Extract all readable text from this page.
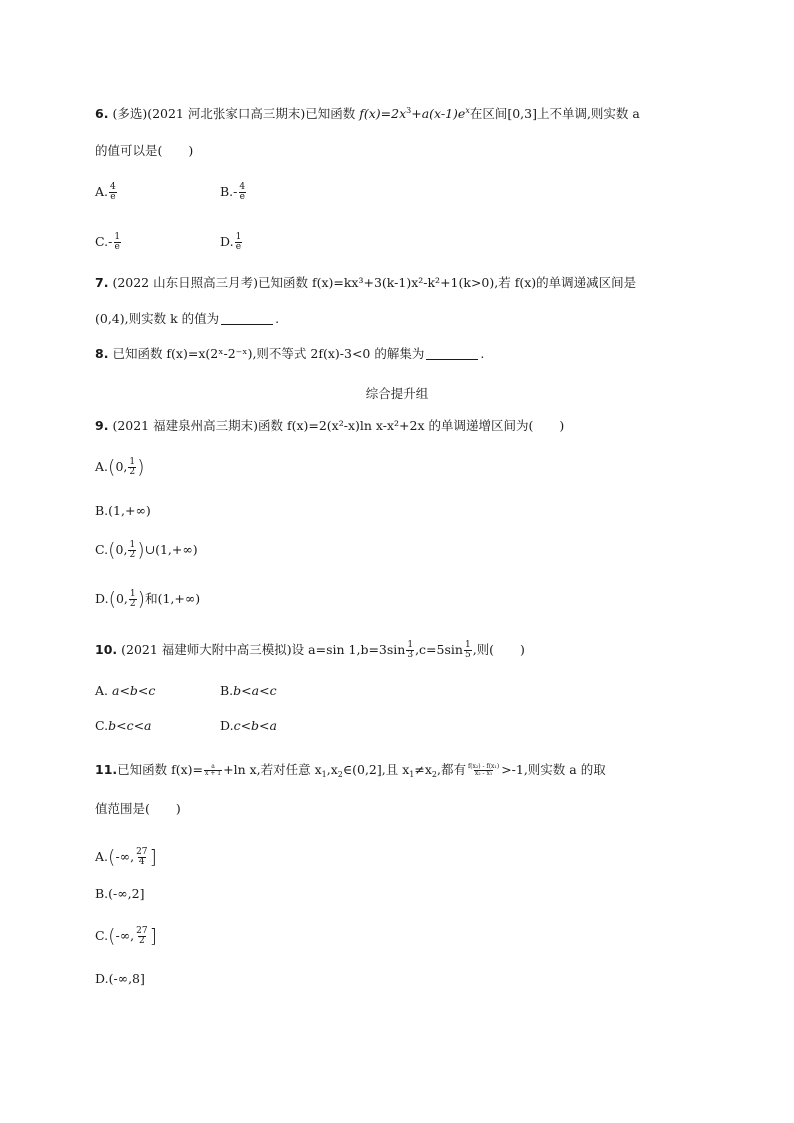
6. (多选)(2021 河北张家口高三期末)已知函数 $f(x)=2x^3+a(x-1)e^x$在区间[0,3]上不单调,则实数 a
的值可以是( )
A. $\frac{4}{e}$	$B.- \frac{4}{e}$
$C.- \frac{1}{e}$	D. $\frac{1}{e}$
7. (2022 山东日照高三月考)已知函数 f(x)=kx³+3(k-1)x²-k²+1(k>0),若 f(x)的单调递减区间是
(0,4),则实数 k 的值为	.
8. 已知函数 f(x)=x(2ˣ-2⁻ˣ),则不等式 2f(x)-3<0 的解集为	.
综合提升组
9. (2021 福建泉州高三期末)函数 f(x)=2(x²-x)ln x-x²+2x 的单调递增区间为( )
A.(0, $\frac{1}{2}$ )
B.(1,+∞)
C.(0, $\frac{1}{2}$ )∪(1,+∞)
D.(0, $\frac{1}{2}$ )和(1,+∞)
10. (2021 福建师大附中高三模拟)设 a=sin $1,b=3\sin \frac{1}{3} ,c=5\sin \frac{1}{5}$ ,则( )
A. a<b<c	B.b<a<c
C.b<c<a	D.c<b<a
11.已知函数 $f(x)= \frac{a}{x + 1} +\ln$ x,若对任意 $x_1,x_2\in(0,2]$,且 $x_1\ne x_2$,都有 $\frac{\text{f(x₂) - f(x₁)}}{\text{x₂ - x₁}} >-1$,则实数 a 的取
值范围是( )
A.(-∞, $\frac{27}{4}$ ]
B.(-∞,2]
C.(-∞, $\frac{27}{2}$ ]
D.(-∞,8]
